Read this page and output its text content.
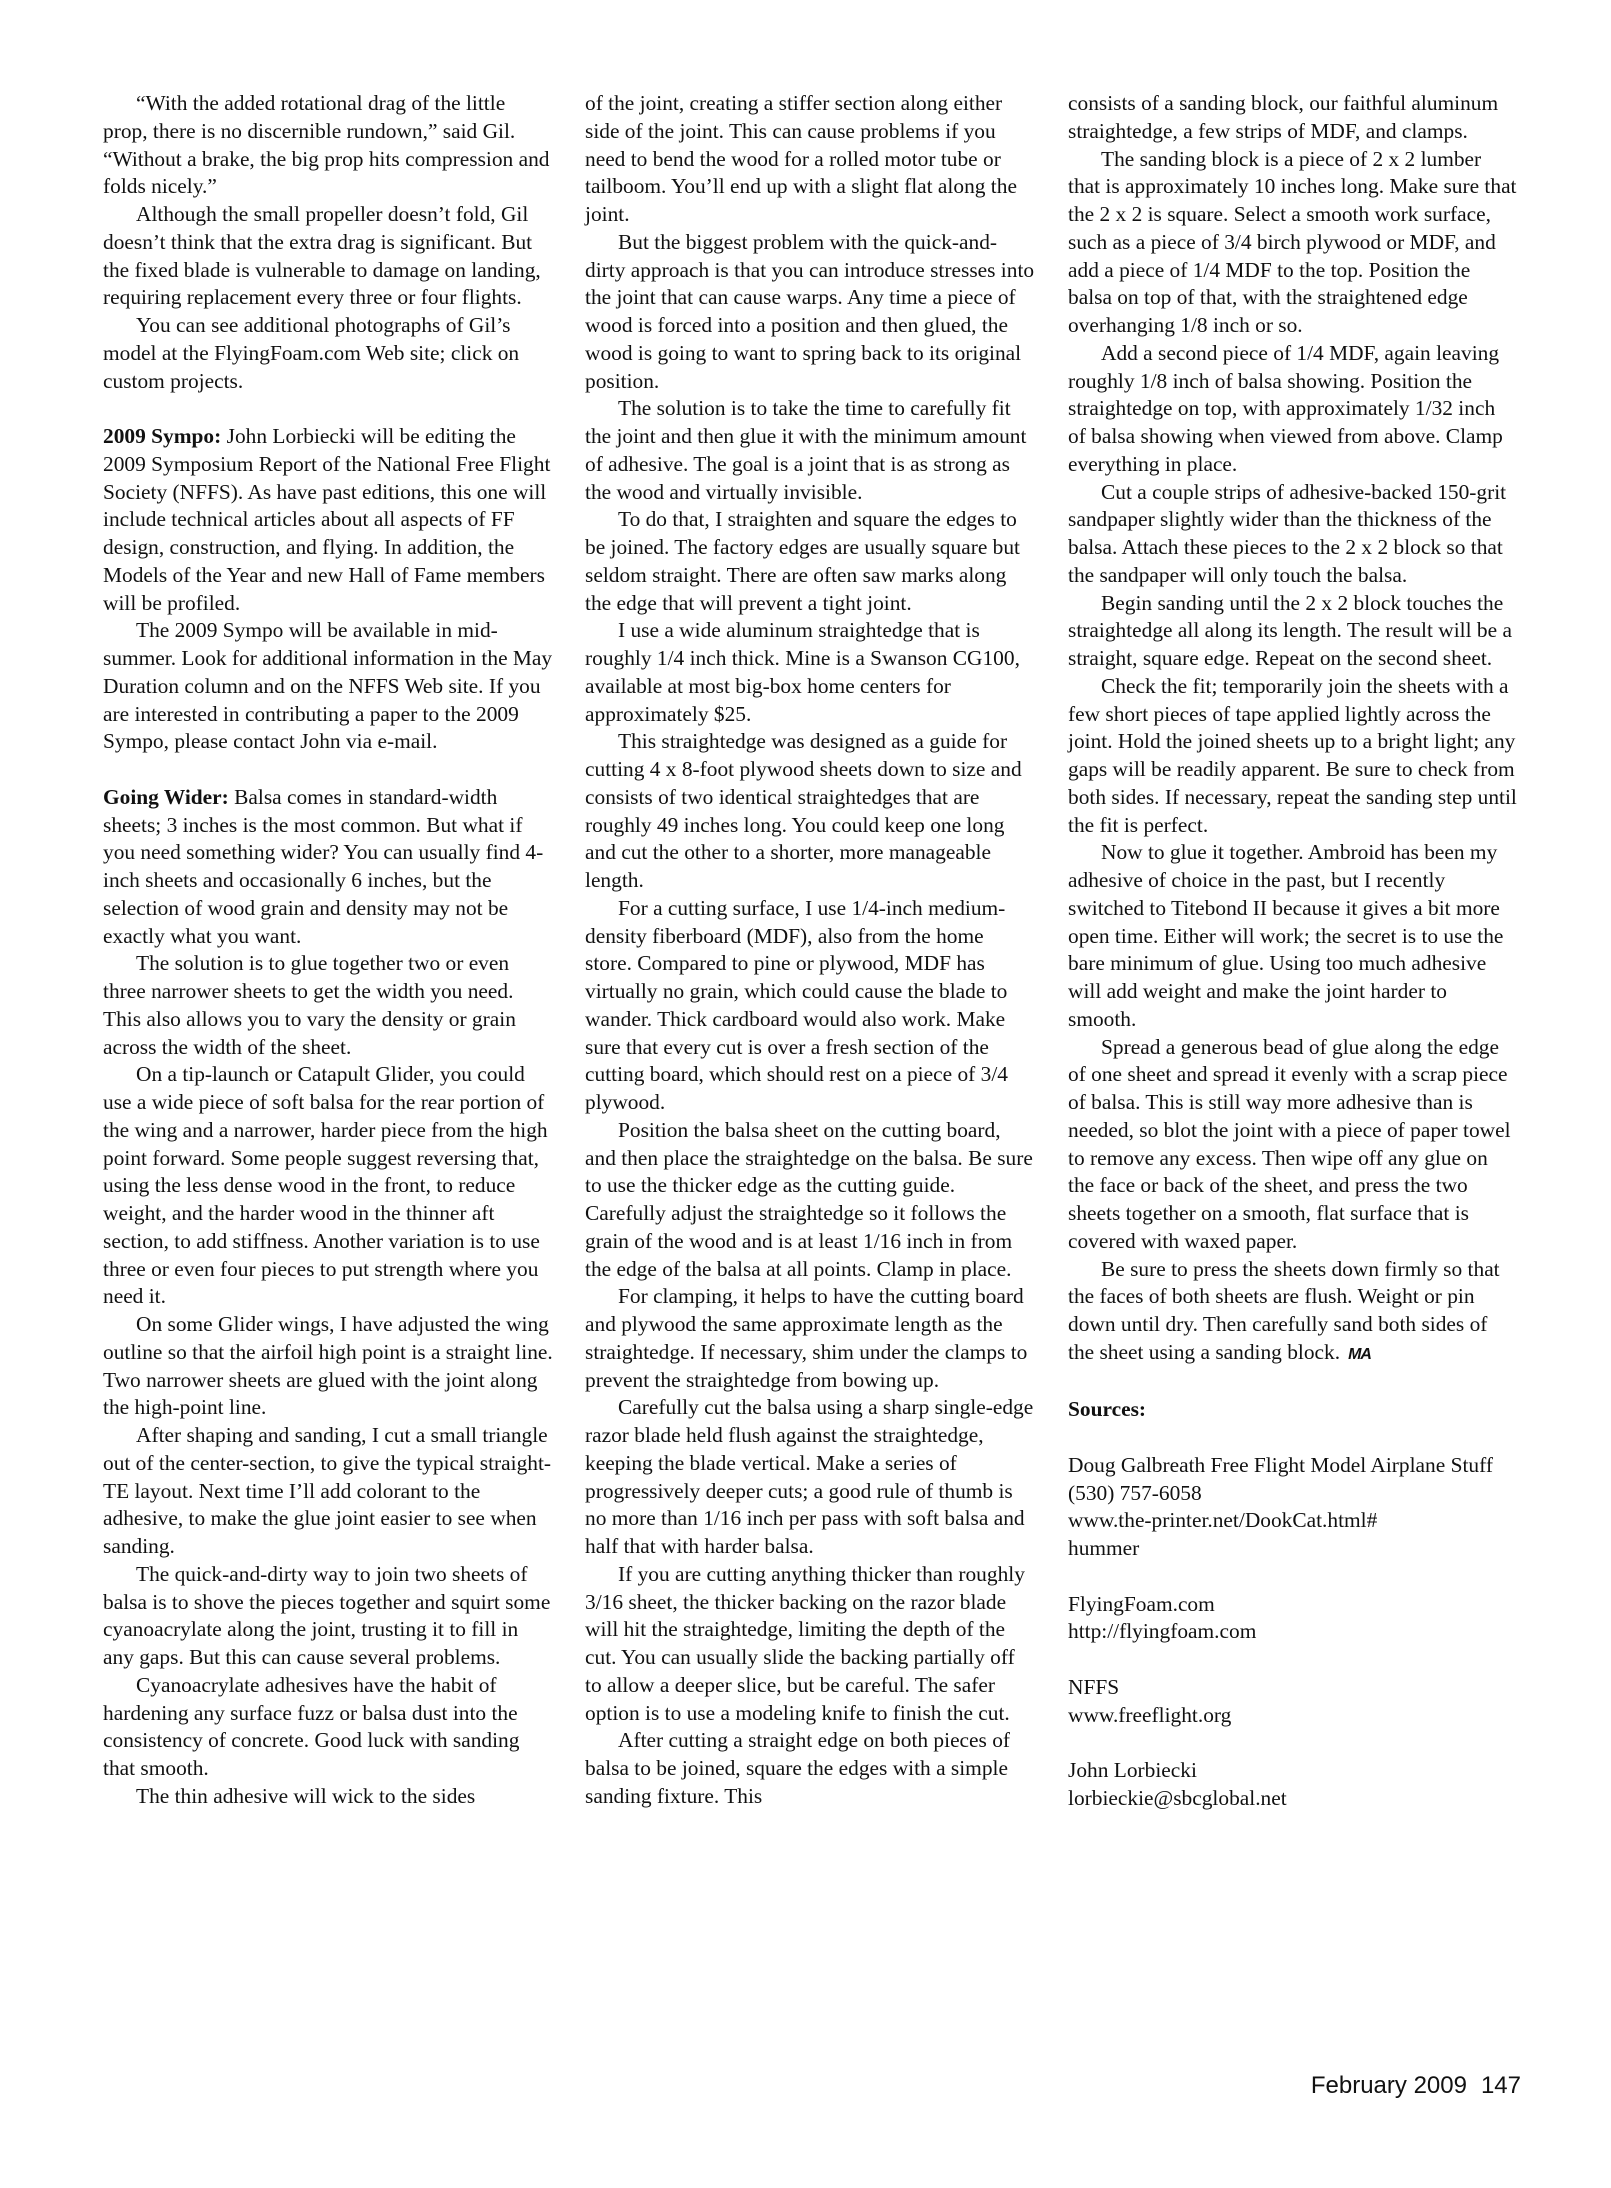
“With the added rotational drag of the little prop, there is no discernible rundown,” said Gil. “Without a brake, the big prop hits compression and folds nicely.”

Although the small propeller doesn’t fold, Gil doesn’t think that the extra drag is significant. But the fixed blade is vulnerable to damage on landing, requiring replacement every three or four flights.

You can see additional photographs of Gil’s model at the FlyingFoam.com Web site; click on custom projects.

2009 Sympo: John Lorbiecki will be editing the 2009 Symposium Report of the National Free Flight Society (NFFS). As have past editions, this one will include technical articles about all aspects of FF design, construction, and flying. In addition, the Models of the Year and new Hall of Fame members will be profiled.

The 2009 Sympo will be available in mid-summer. Look for additional information in the May Duration column and on the NFFS Web site. If you are interested in contributing a paper to the 2009 Sympo, please contact John via e-mail.

Going Wider: Balsa comes in standard-width sheets; 3 inches is the most common. But what if you need something wider? You can usually find 4-inch sheets and occasionally 6 inches, but the selection of wood grain and density may not be exactly what you want.

The solution is to glue together two or even three narrower sheets to get the width you need. This also allows you to vary the density or grain across the width of the sheet.

On a tip-launch or Catapult Glider, you could use a wide piece of soft balsa for the rear portion of the wing and a narrower, harder piece from the high point forward. Some people suggest reversing that, using the less dense wood in the front, to reduce weight, and the harder wood in the thinner aft section, to add stiffness. Another variation is to use three or even four pieces to put strength where you need it.

On some Glider wings, I have adjusted the wing outline so that the airfoil high point is a straight line. Two narrower sheets are glued with the joint along the high-point line.

After shaping and sanding, I cut a small triangle out of the center-section, to give the typical straight-TE layout. Next time I’ll add colorant to the adhesive, to make the glue joint easier to see when sanding.

The quick-and-dirty way to join two sheets of balsa is to shove the pieces together and squirt some cyanoacrylate along the joint, trusting it to fill in any gaps. But this can cause several problems.

Cyanoacrylate adhesives have the habit of hardening any surface fuzz or balsa dust into the consistency of concrete. Good luck with sanding that smooth.

The thin adhesive will wick to the sides

of the joint, creating a stiffer section along either side of the joint. This can cause problems if you need to bend the wood for a rolled motor tube or tailboom. You’ll end up with a slight flat along the joint.

But the biggest problem with the quick-and-dirty approach is that you can introduce stresses into the joint that can cause warps. Any time a piece of wood is forced into a position and then glued, the wood is going to want to spring back to its original position.

The solution is to take the time to carefully fit the joint and then glue it with the minimum amount of adhesive. The goal is a joint that is as strong as the wood and virtually invisible.

To do that, I straighten and square the edges to be joined. The factory edges are usually square but seldom straight. There are often saw marks along the edge that will prevent a tight joint.

I use a wide aluminum straightedge that is roughly 1/4 inch thick. Mine is a Swanson CG100, available at most big-box home centers for approximately $25.

This straightedge was designed as a guide for cutting 4 x 8-foot plywood sheets down to size and consists of two identical straightedges that are roughly 49 inches long. You could keep one long and cut the other to a shorter, more manageable length.

For a cutting surface, I use 1/4-inch medium-density fiberboard (MDF), also from the home store. Compared to pine or plywood, MDF has virtually no grain, which could cause the blade to wander. Thick cardboard would also work. Make sure that every cut is over a fresh section of the cutting board, which should rest on a piece of 3/4 plywood.

Position the balsa sheet on the cutting board, and then place the straightedge on the balsa. Be sure to use the thicker edge as the cutting guide. Carefully adjust the straightedge so it follows the grain of the wood and is at least 1/16 inch in from the edge of the balsa at all points. Clamp in place.

For clamping, it helps to have the cutting board and plywood the same approximate length as the straightedge. If necessary, shim under the clamps to prevent the straightedge from bowing up.

Carefully cut the balsa using a sharp single-edge razor blade held flush against the straightedge, keeping the blade vertical. Make a series of progressively deeper cuts; a good rule of thumb is no more than 1/16 inch per pass with soft balsa and half that with harder balsa.

If you are cutting anything thicker than roughly 3/16 sheet, the thicker backing on the razor blade will hit the straightedge, limiting the depth of the cut. You can usually slide the backing partially off to allow a deeper slice, but be careful. The safer option is to use a modeling knife to finish the cut.

After cutting a straight edge on both pieces of balsa to be joined, square the edges with a simple sanding fixture. This

consists of a sanding block, our faithful aluminum straightedge, a few strips of MDF, and clamps.

The sanding block is a piece of 2 x 2 lumber that is approximately 10 inches long. Make sure that the 2 x 2 is square. Select a smooth work surface, such as a piece of 3/4 birch plywood or MDF, and add a piece of 1/4 MDF to the top. Position the balsa on top of that, with the straightened edge overhanging 1/8 inch or so.

Add a second piece of 1/4 MDF, again leaving roughly 1/8 inch of balsa showing. Position the straightedge on top, with approximately 1/32 inch of balsa showing when viewed from above. Clamp everything in place.

Cut a couple strips of adhesive-backed 150-grit sandpaper slightly wider than the thickness of the balsa. Attach these pieces to the 2 x 2 block so that the sandpaper will only touch the balsa.

Begin sanding until the 2 x 2 block touches the straightedge all along its length. The result will be a straight, square edge. Repeat on the second sheet.

Check the fit; temporarily join the sheets with a few short pieces of tape applied lightly across the joint. Hold the joined sheets up to a bright light; any gaps will be readily apparent. Be sure to check from both sides. If necessary, repeat the sanding step until the fit is perfect.

Now to glue it together. Ambroid has been my adhesive of choice in the past, but I recently switched to Titebond II because it gives a bit more open time. Either will work; the secret is to use the bare minimum of glue. Using too much adhesive will add weight and make the joint harder to smooth.

Spread a generous bead of glue along the edge of one sheet and spread it evenly with a scrap piece of balsa. This is still way more adhesive than is needed, so blot the joint with a piece of paper towel to remove any excess. Then wipe off any glue on the face or back of the sheet, and press the two sheets together on a smooth, flat surface that is covered with waxed paper.

Be sure to press the sheets down firmly so that the faces of both sheets are flush. Weight or pin down until dry. Then carefully sand both sides of the sheet using a sanding block. MA

Sources:

Doug Galbreath Free Flight Model Airplane Stuff
(530) 757-6058
www.the-printer.net/DookCat.html#
hummer

FlyingFoam.com
http://flyingfoam.com

NFFS
www.freeflight.org

John Lorbiecki
lorbieckie@sbcglobal.net

February 2009 147
